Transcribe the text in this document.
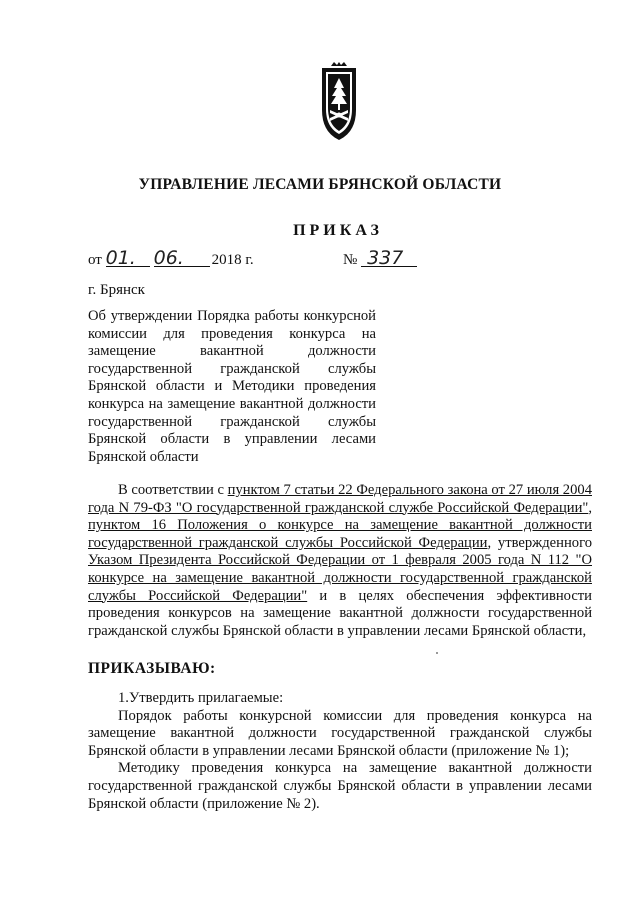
УПРАВЛЕНИЕ ЛЕСАМИ БРЯНСКОЙ ОБЛАСТИ
ПРИКАЗ
от 01. 06. 2018 г.	№ 337
г. Брянск
Об утверждении Порядка работы конкурсной комиссии для проведения конкурса на замещение вакантной должности государственной гражданской службы Брянской области и Методики проведения конкурса на замещение вакантной должности государственной гражданской службы Брянской области в управлении лесами Брянской области

В соответствии с пунктом 7 статьи 22 Федерального закона от 27 июля 2004 года N 79-ФЗ "О государственной гражданской службе Российской Федерации", пунктом 16 Положения о конкурсе на замещение вакантной должности государственной гражданской службы Российской Федерации, утвержденного Указом Президента Российской Федерации от 1 февраля 2005 года N 112 "О конкурсе на замещение вакантной должности государственной гражданской службы Российской Федерации" и в целях обеспечения эффективности проведения конкурсов на замещение вакантной должности государственной гражданской службы Брянской области в управлении лесами Брянской области,

ПРИКАЗЫВАЮ:

1.Утвердить прилагаемые:

Порядок работы конкурсной комиссии для проведения конкурса на замещение вакантной должности государственной гражданской службы Брянской области в управлении лесами Брянской области (приложение № 1);

Методику проведения конкурса на замещение вакантной должности государственной гражданской службы Брянской области в управлении лесами Брянской области (приложение № 2).
